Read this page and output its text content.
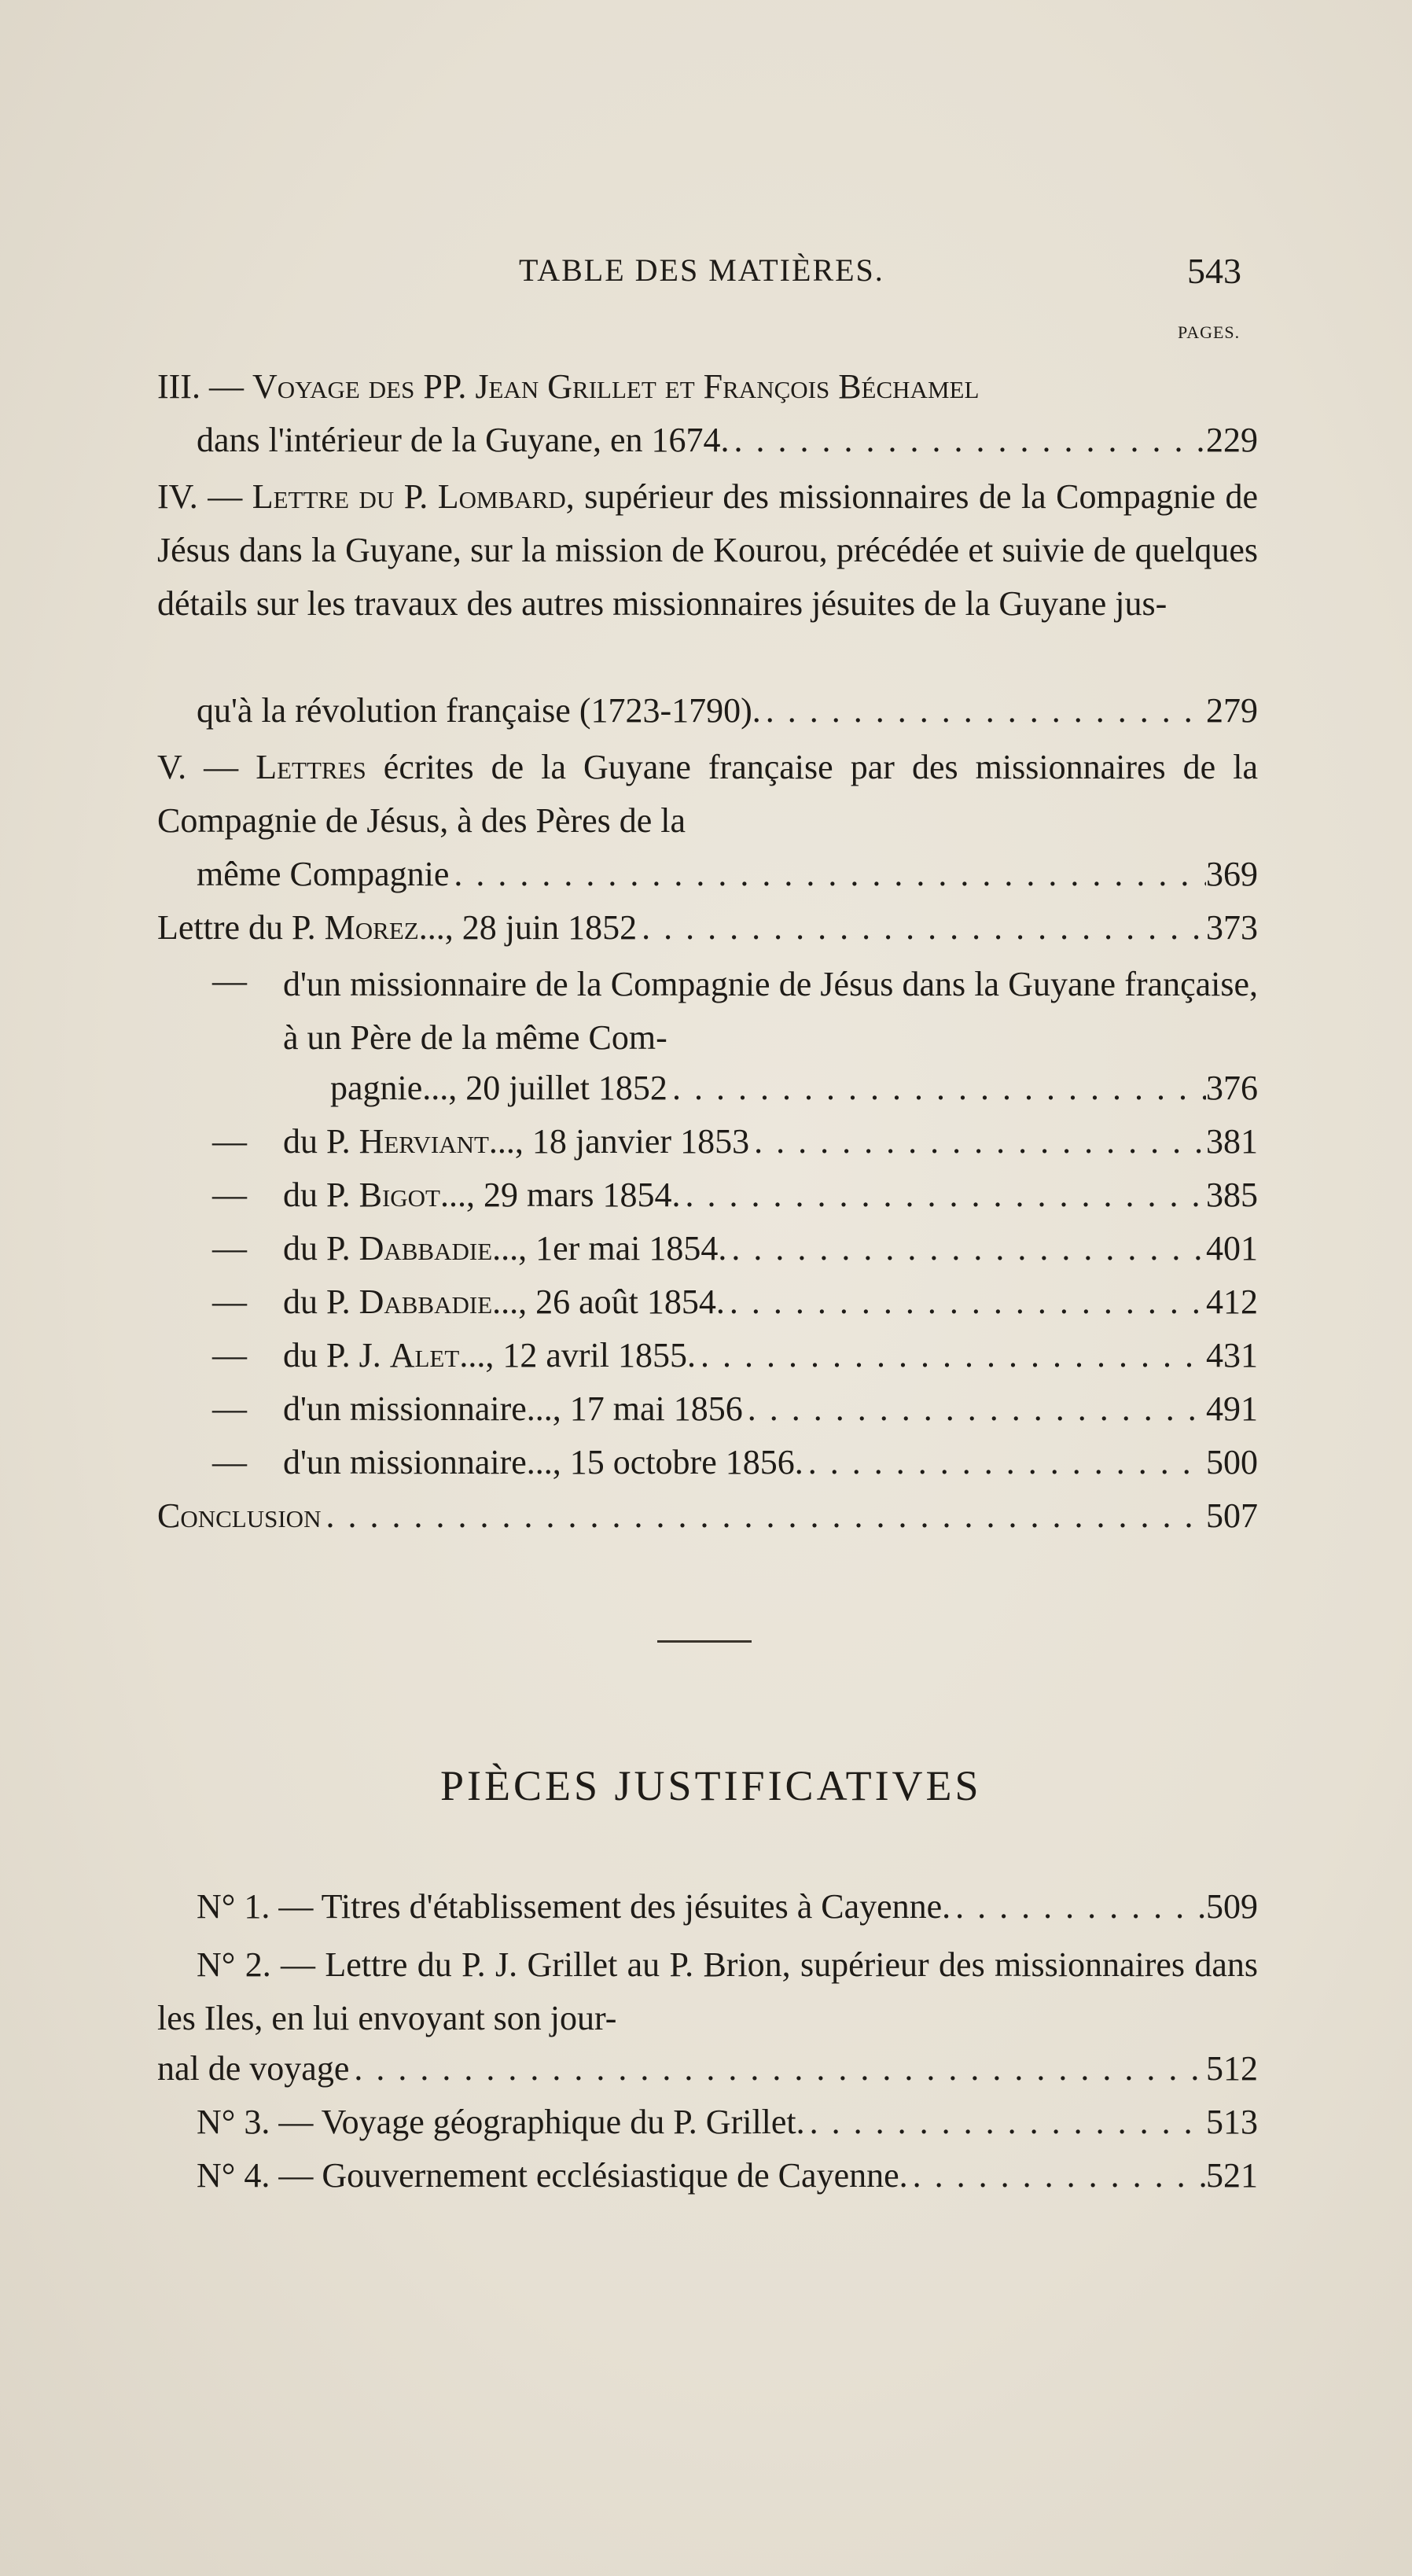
TABLE DES MATIÈRES.	543
PAGES.
III. — Voyage des PP. Jean Grillet et François Béchamel
dans l'intérieur de la Guyane, en 1674. . . .	229
IV. — Lettre du P. Lombard, supérieur des missionnaires de la Compagnie de Jésus dans la Guyane, sur la mission de Kourou, précédée et suivie de quelques détails sur les travaux des autres missionnaires jésuites de la Guyane jus-
qu'à la révolution française (1723-1790). . . .	279
V. — Lettres écrites de la Guyane française par des missionnaires de la Compagnie de Jésus, à des Pères de la
même Compagnie . . .	369
Lettre du P. Morez..., 28 juin 1852 . . .	373
— d'un missionnaire de la Compagnie de Jésus dans la Guyane française, à un Père de la même Com-
pagnie..., 20 juillet 1852 . . .	376
— du P. Herviant..., 18 janvier 1853 . . .	381
— du P. Bigot..., 29 mars 1854. . . .	385
— du P. Dabbadie..., 1er mai 1854. . . .	401
— du P. Dabbadie..., 26 août 1854. . . .	412
— du P. J. Alet..., 12 avril 1855. . . .	431
— d'un missionnaire..., 17 mai 1856 . . .	491
— d'un missionnaire..., 15 octobre 1856. . . .	500
Conclusion . . .	507
PIÈCES JUSTIFICATIVES
N° 1. — Titres d'établissement des jésuites à Cayenne. . . .	509
N° 2. — Lettre du P. J. Grillet au P. Brion, supérieur des missionnaires dans les Iles, en lui envoyant son jour-
nal de voyage . . .	512
N° 3. — Voyage géographique du P. Grillet. . . .	513
N° 4. — Gouvernement ecclésiastique de Cayenne. . . .	521
